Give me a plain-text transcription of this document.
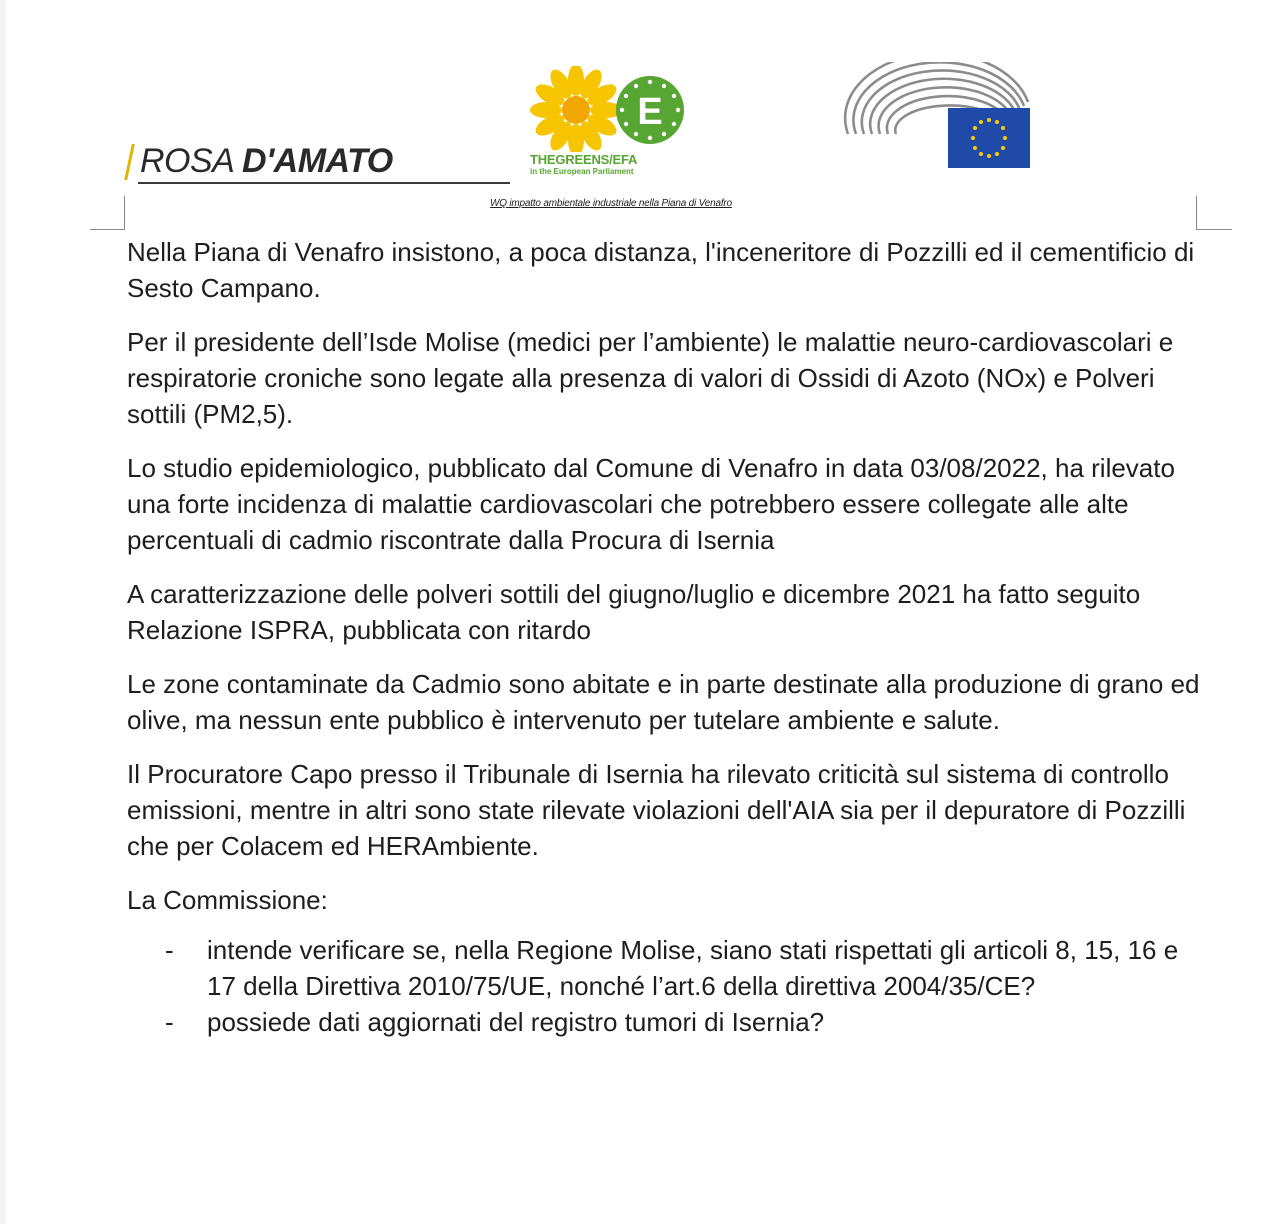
ROSA D'AMATO
E
THEGREENS/EFA
in the European Parliament
WQ impatto ambientale industriale nella Piana di Venafro

Nella Piana di Venafro insistono, a poca distanza, l'inceneritore di Pozzilli ed il cementificio di Sesto Campano.

Per il presidente dell’Isde Molise (medici per l’ambiente) le malattie neuro-cardiovascolari e respiratorie croniche sono legate alla presenza di valori di Ossidi di Azoto (NOx) e Polveri sottili (PM2,5).

Lo studio epidemiologico, pubblicato dal Comune di Venafro in data 03/08/2022, ha rilevato una forte incidenza di malattie cardiovascolari che potrebbero essere collegate alle alte percentuali di cadmio riscontrate dalla Procura di Isernia

A caratterizzazione delle polveri sottili del giugno/luglio e dicembre 2021 ha fatto seguito Relazione ISPRA, pubblicata con ritardo

Le zone contaminate da Cadmio sono abitate e in parte destinate alla produzione di grano ed olive, ma nessun ente pubblico è intervenuto per tutelare ambiente e salute.

Il Procuratore Capo presso il Tribunale di Isernia ha rilevato criticità sul sistema di controllo emissioni, mentre in altri sono state rilevate violazioni dell'AIA sia per il depuratore di Pozzilli che per Colacem ed HERAmbiente.

La Commissione:

- intende verificare se, nella Regione Molise, siano stati rispettati gli articoli 8, 15, 16 e 17 della Direttiva 2010/75/UE, nonché l’art.6 della direttiva 2004/35/CE?
- possiede dati aggiornati del registro tumori di Isernia?
